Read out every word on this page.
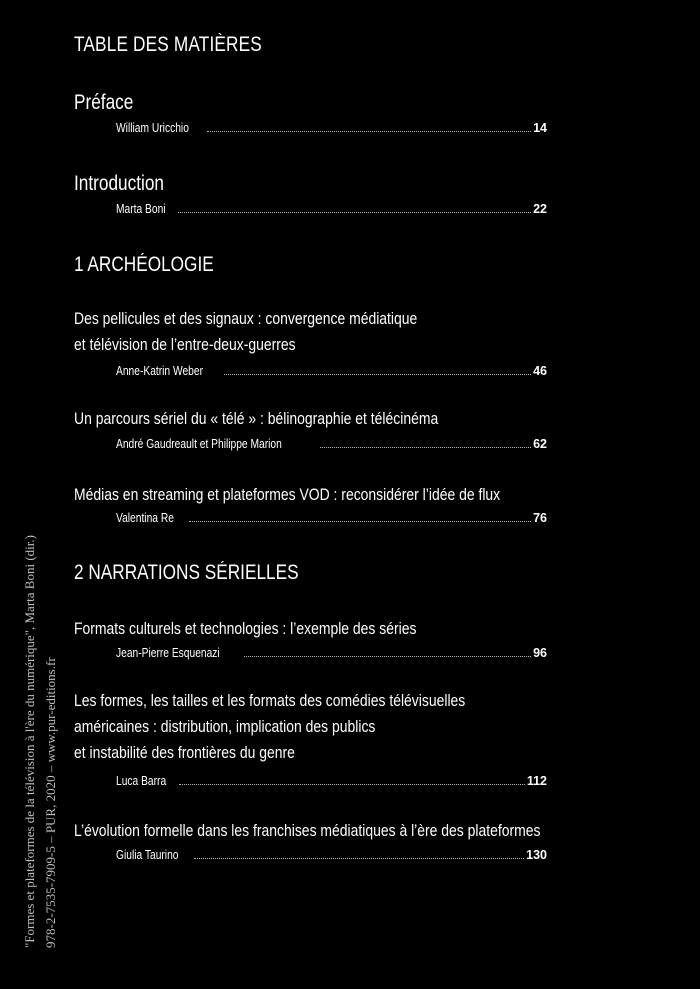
TABLE DES MATIÈRES
Préface
William Uricchio	14
Introduction
Marta Boni	22
1 ARCHÉOLOGIE
Des pellicules et des signaux : convergence médiatique
et télévision de l’entre-deux-guerres
Anne-Katrin Weber	46
Un parcours sériel du « télé » : bélinographie et télécinéma
André Gaudreault et Philippe Marion	62
Médias en streaming et plateformes VOD : reconsidérer l’idée de flux
Valentina Re	76
2 NARRATIONS SÉRIELLES
Formats culturels et technologies : l’exemple des séries
Jean-Pierre Esquenazi	96
Les formes, les tailles et les formats des comédies télévisuelles
américaines : distribution, implication des publics
et instabilité des frontières du genre
Luca Barra	112
L’évolution formelle dans les franchises médiatiques à l’ère des plateformes
Giulia Taurino	130
"Formes et plateformes de la télévision à l'ère du numérique", Marta Boni (dir.) 978-2-7535-7909-5 – PUR, 2020 – www.pur-editions.fr
